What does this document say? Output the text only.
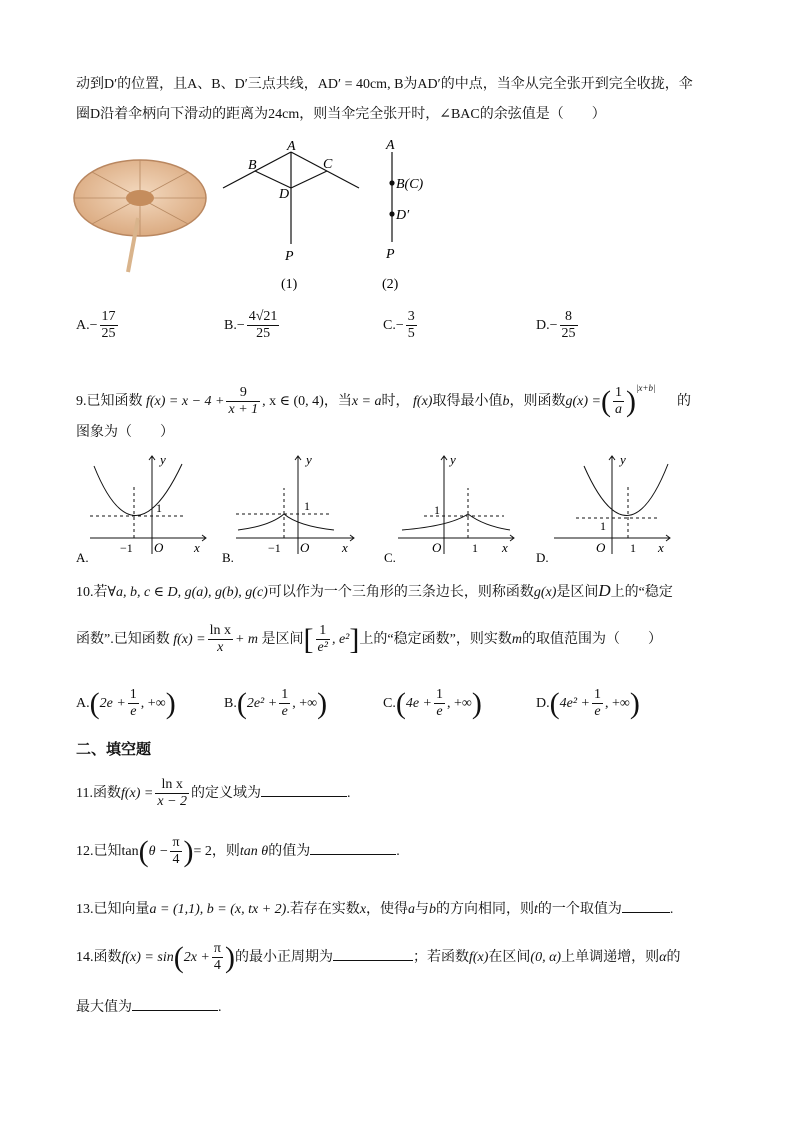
动到D′的位置，且A、B、D′三点共线，AD′ = 40cm, B为AD′的中点，当伞从完全张开到完全收拢，伞
圈D沿着伞柄向下滑动的距离为24cm，则当伞完全张开时，∠BAC的余弦值是（　　）
A
B	C
D
P
(1)
A
B(C)
D′
P
(2)
$A.- \frac{17}{25}$	$B.- \frac{4√21}{25}$	$C.- \frac{3}{5}$	$D.- \frac{8}{25}$
9.已知函数 $f(x) = x - 4 + \frac{9}{x + 1}$ , x ∈ (0, 4)，当x = a时， f(x)取得最小值b，则函数g(x) =( $\frac{1}{a} )^{|x+b|}$ 的
图象为（　　）
y
x
O
1
−1
A.
y
x
O
1
−1
B.
y
x
O
1
1
C.
y
x
O
1
1
D.
10.若∀a, b, c ∈ D, g(a), g(b), g(c)可以作为一个三角形的三条边长，则称函数g(x)是区间D上的“稳定
函数”.已知函数 $f(x) = \frac{\text{ln x}}{x} + m$ 是区间[ $\frac{1}{\text{e²}}$ , e²]上的“稳定函数”，则实数m的取值范围为（　　）
$A.(2e + \frac{1}{e}$ , +∞)	$B.(2e^2 + \frac{1}{e}$ , +∞)	$C.(4e + \frac{1}{e}$ , +∞)	$D.(4e^2 + \frac{1}{e}$ , +∞)
二、填空题
11.函数$f(x) = \frac{\text{ln x}}{x - 2}$ 的定义域为	.
12.已知$\tan(\theta - \frac{\pi}{4}$ )= 2，则tan θ的值为	.
13.已知向量a = (1,1), b = (x, tx + 2).若存在实数x，使得a与b的方向相同，则t的一个取值为	.
14.函数$f(x) = \sin(2x + \frac{\pi}{4}$ )的最小正周期为	；若函数f(x)在区间(0, α)上单调递增，则α的
最大值为	.
